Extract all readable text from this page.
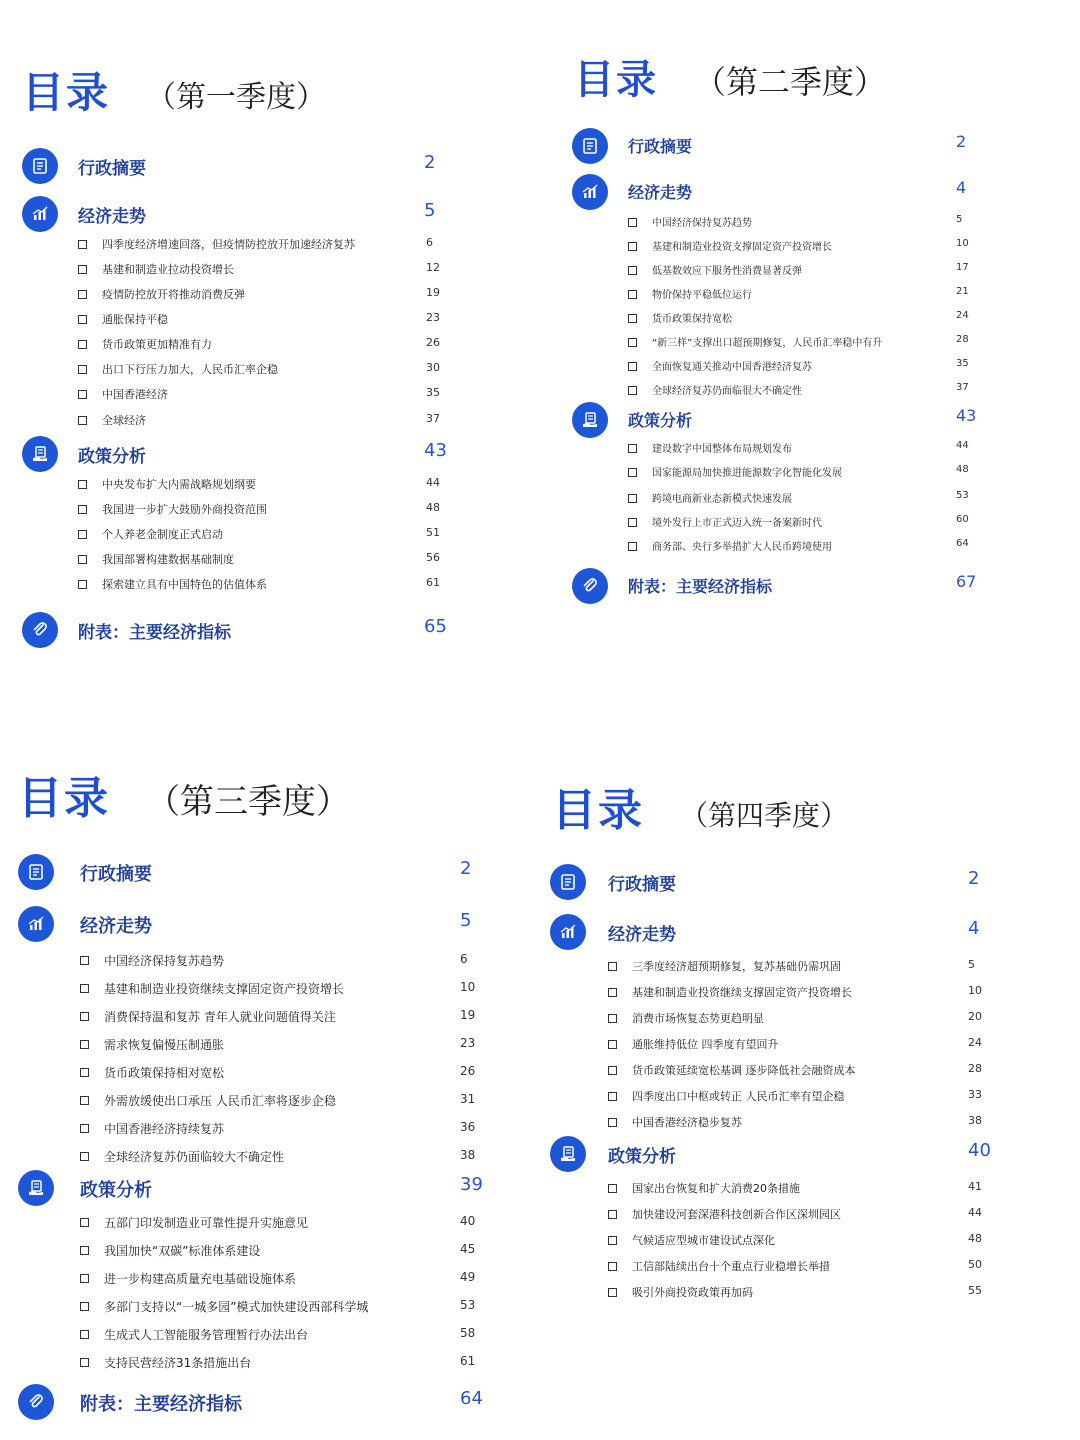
目录 （第一季度）
行政摘要	2
经济走势	5
四季度经济增速回落，但疫情防控放开加速经济复苏	6
基建和制造业拉动投资增长	12
疫情防控放开将推动消费反弹	19
通胀保持平稳	23
货币政策更加精准有力	26
出口下行压力加大，人民币汇率企稳	30
中国香港经济	35
全球经济	37
政策分析	43
中央发布扩大内需战略规划纲要	44
我国进一步扩大鼓励外商投资范围	48
个人养老金制度正式启动	51
我国部署构建数据基础制度	56
探索建立具有中国特色的估值体系	61
附表：主要经济指标	65
目录 （第二季度）
行政摘要	2
经济走势	4
中国经济保持复苏趋势	5
基建和制造业投资支撑固定资产投资增长	10
低基数效应下服务性消费显著反弹	17
物价保持平稳低位运行	21
货币政策保持宽松	24
“新三样”支撑出口超预期修复，人民币汇率稳中有升	28
全面恢复通关推动中国香港经济复苏	35
全球经济复苏仍面临很大不确定性	37
政策分析	43
建设数字中国整体布局规划发布	44
国家能源局加快推进能源数字化智能化发展	48
跨境电商新业态新模式快速发展	53
境外发行上市正式迈入统一备案新时代	60
商务部、央行多举措扩大人民币跨境使用	64
附表：主要经济指标	67
目录 （第三季度）
行政摘要	2
经济走势	5
中国经济保持复苏趋势	6
基建和制造业投资继续支撑固定资产投资增长	10
消费保持温和复苏 青年人就业问题值得关注	19
需求恢复偏慢压制通胀	23
货币政策保持相对宽松	26
外需放缓使出口承压 人民币汇率将逐步企稳	31
中国香港经济持续复苏	36
全球经济复苏仍面临较大不确定性	38
政策分析	39
五部门印发制造业可靠性提升实施意见	40
我国加快“双碳”标准体系建设	45
进一步构建高质量充电基础设施体系	49
多部门支持以“一城多园”模式加快建设西部科学城	53
生成式人工智能服务管理暂行办法出台	58
支持民营经济31条措施出台	61
附表：主要经济指标	64
目录 （第四季度）
行政摘要	2
经济走势	4
三季度经济超预期修复，复苏基础仍需巩固	5
基建和制造业投资继续支撑固定资产投资增长	10
消费市场恢复态势更趋明显	20
通胀维持低位 四季度有望回升	24
货币政策延续宽松基调 逐步降低社会融资成本	28
四季度出口中枢或转正 人民币汇率有望企稳	33
中国香港经济稳步复苏	38
政策分析	40
国家出台恢复和扩大消费20条措施	41
加快建设河套深港科技创新合作区深圳园区	44
气候适应型城市建设试点深化	48
工信部陆续出台十个重点行业稳增长举措	50
吸引外商投资政策再加码	55
